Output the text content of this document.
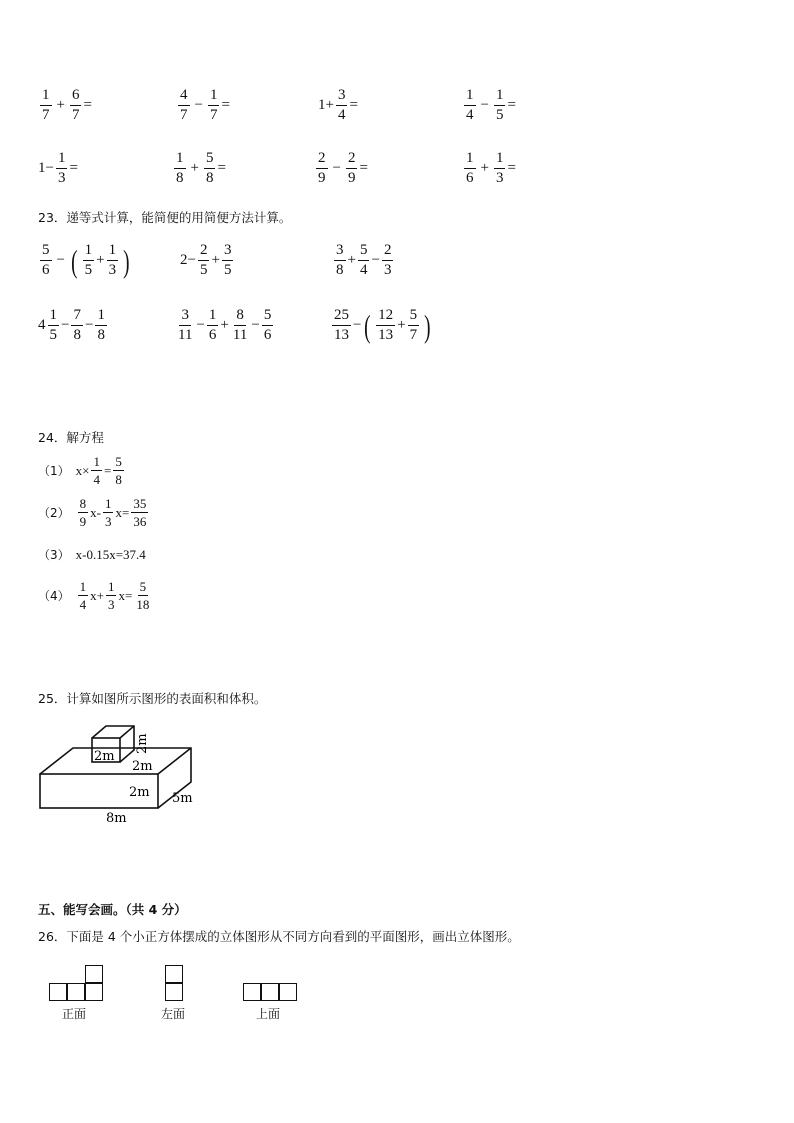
$\frac{1}{7} + \frac{6}{7}$ =	$\frac{4}{7} - \frac{1}{7}$ =	$1+ \frac{3}{4}$ =	$\frac{1}{4} - \frac{1}{5}$ =
$1- \frac{1}{3}$ =	$\frac{1}{8} + \frac{5}{8}$ =	$\frac{2}{9} - \frac{2}{9}$ =	$\frac{1}{6} + \frac{1}{3}$ =
23．递等式计算，能简便的用简便方法计算。
$\frac{5}{6}$ − ( $\frac{1}{5} + \frac{1}{3}$ )	$2- \frac{2}{5} + \frac{3}{5}$	$\frac{3}{8} + \frac{5}{4} - \frac{2}{3}$
$4 \frac{1}{5} - \frac{7}{8} - \frac{1}{8}$	$\frac{3}{11} - \frac{1}{6} + \frac{8}{11} - \frac{5}{6}$	$\frac{25}{13}$ − ( $\frac{12}{13} + \frac{5}{7}$ )
24．解方程
（1） $x\times \frac{1}{4} = \frac{5}{8}$
$(2) \frac{8}{9} x- \frac{1}{3} x= \frac{35}{36}$
（3） x-0.15x=37.4
$(4) \frac{1}{4} x+ \frac{1}{3} x= \frac{5}{18}$
25．计算如图所示图形的表面积和体积。
2m
2m
2m
2m 5m
8m
五、能写会画。（共 4 分）
26．下面是 4 个小正方体摆成的立体图形从不同方向看到的平面图形，画出立体图形。
正面	左面	上面
